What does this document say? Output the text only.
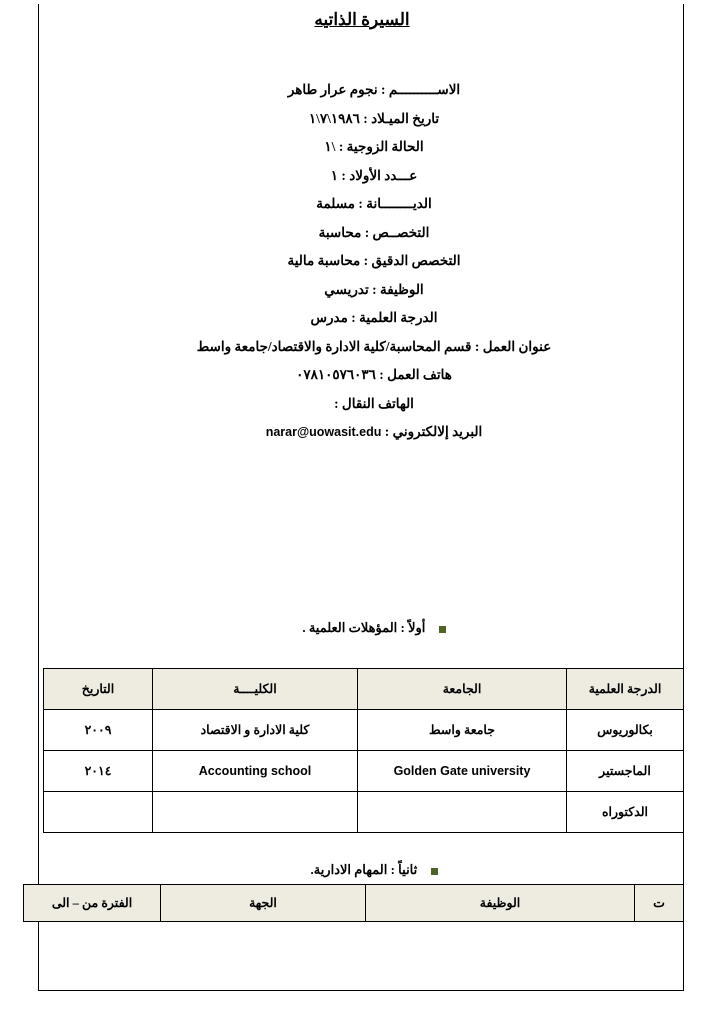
السيرة الذاتيه
الاســــــــــم : نجوم عرار طاهر
تاريخ الميـلاد : ١٩٨٦\٧\١
الحالة الزوجية : \١
عـــدد الأولاد : ١
الديــــــــانة : مسلمة
التخصــص : محاسبة
التخصص الدقيق : محاسبة مالية
الوظيفة : تدريسي
الدرجة العلمية : مدرس
عنوان العمل : قسم المحاسبة/كلية الادارة والاقتصاد/جامعة واسط
هاتف العمل : ٠٧٨١٠٥٧٦٠٣٦
الهاتف النقال :
البريد إلالكتروني : narar@uowasit.edu
أولاً : المؤهلات العلمية .
الدرجة العلمية	الجامعة	الكليــــة	التاريخ
بكالوريوس	جامعة واسط	كلية الادارة و الاقتصاد	٢٠٠٩
الماجستير	Golden Gate university	Accounting school	٢٠١٤
الدكتوراه			
ثانياً : المهام الادارية.
ت	الوظيفة	الجهة	الفترة من – الى
